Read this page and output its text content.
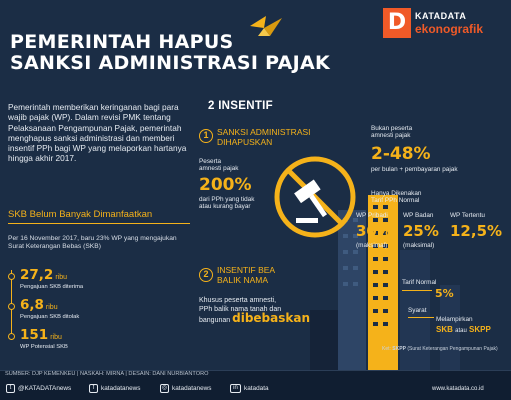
D KATADATA
ekonografik
PEMERINTAH HAPUS
SANKSI ADMINISTRASI PAJAK
Pemerintah memberikan keringanan bagi para wajib pajak (WP). Dalam revisi PMK tentang Pelaksanaan Pengampunan Pajak, pemerintah menghapus sanksi administrasi dan memberi insentif PPh bagi WP yang melaporkan hartanya hingga akhir 2017.
SKB Belum Banyak Dimanfaatkan
Per 16 November 2017, baru 23% WP yang mengajukan Surat Keterangan Bebas (SKB)
27,2 ribu
Pengajuan SKB diterima
6,8 ribu
Pengajuan SKB ditolak
151 ribu
WP Potensial SKB
2 INSENTIF
1	SANKSI ADMINISTRASI
DIHAPUSKAN
Peserta
amnesti pajak
200%
dari PPh yang tidak
atau kurang bayar
Bukan peserta
amnesti pajak
2-48%
per bulan + pembayaran pajak
Hanya Dikenakan
Tarif PPh Normal
WP Pribadi
30%
(maksimal)
WP Badan
25%
(maksimal)
WP Tertentu
12,5%
2	INSENTIF BEA
BALIK NAMA
Khusus peserta amnesti,
PPh balik nama tanah dan
bangunan dibebaskan
Tarif Normal
5%
Syarat
Melampirkan
SKB atau SKPP
Ket: SKPP (Surat Keterangan Pengampunan Pajak)
SUMBER: DJP KEMENKEU | NASKAH: MIRNA | DESAIN: DANI NURBIANTORO
t @KATADATAnews	f katadatanews	◎ katadatanews	in katadata	www.katadata.co.id
